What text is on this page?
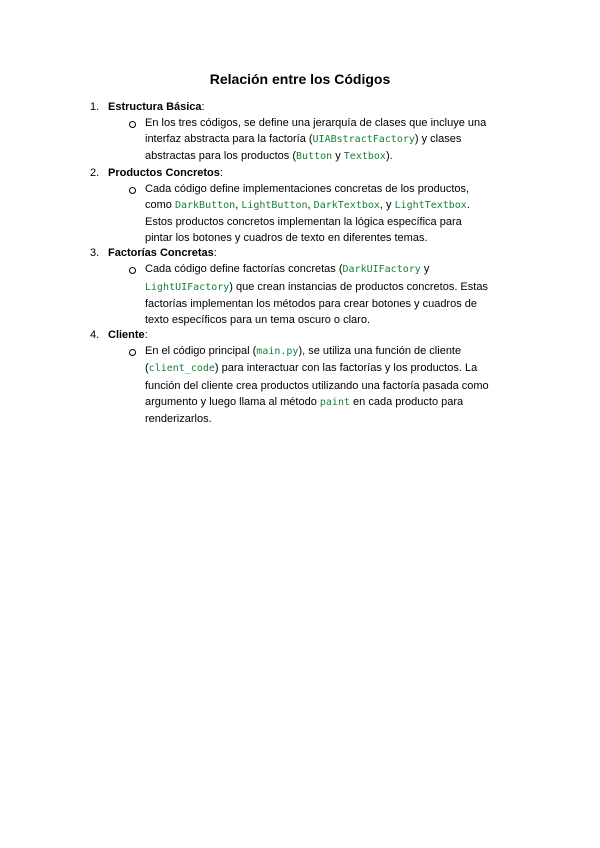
Relación entre los Códigos
1. Estructura Básica:
En los tres códigos, se define una jerarquía de clases que incluye una interfaz abstracta para la factoría (UIABstractFactory) y clases abstractas para los productos (Button y Textbox).
2. Productos Concretos:
Cada código define implementaciones concretas de los productos, como DarkButton, LightButton, DarkTextbox, y LightTextbox. Estos productos concretos implementan la lógica específica para pintar los botones y cuadros de texto en diferentes temas.
3. Factorías Concretas:
Cada código define factorías concretas (DarkUIFactory y LightUIFactory) que crean instancias de productos concretos. Estas factorías implementan los métodos para crear botones y cuadros de texto específicos para un tema oscuro o claro.
4. Cliente:
En el código principal (main.py), se utiliza una función de cliente (client_code) para interactuar con las factorías y los productos. La función del cliente crea productos utilizando una factoría pasada como argumento y luego llama al método paint en cada producto para renderizarlos.
